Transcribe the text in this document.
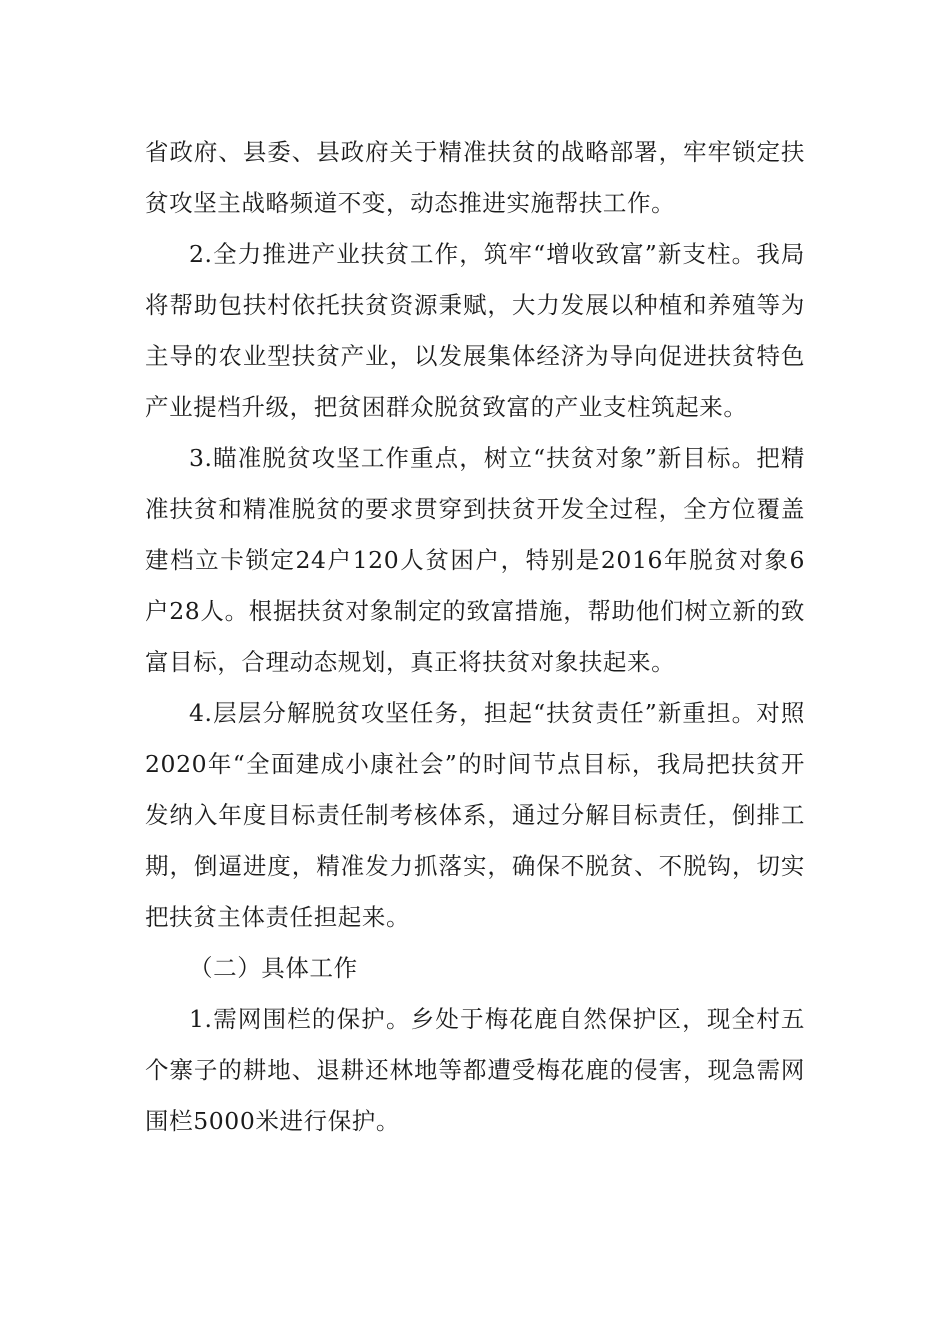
省政府、县委、县政府关于精准扶贫的战略部署，牢牢锁定扶贫攻坚主战略频道不变，动态推进实施帮扶工作。

2.全力推进产业扶贫工作，筑牢“增收致富”新支柱。我局将帮助包扶村依托扶贫资源秉赋，大力发展以种植和养殖等为主导的农业型扶贫产业，以发展集体经济为导向促进扶贫特色产业提档升级，把贫困群众脱贫致富的产业支柱筑起来。

3.瞄准脱贫攻坚工作重点，树立“扶贫对象”新目标。把精准扶贫和精准脱贫的要求贯穿到扶贫开发全过程，全方位覆盖建档立卡锁定24户120人贫困户，特别是2016年脱贫对象6户28人。根据扶贫对象制定的致富措施，帮助他们树立新的致富目标，合理动态规划，真正将扶贫对象扶起来。

4.层层分解脱贫攻坚任务，担起“扶贫责任”新重担。对照2020年“全面建成小康社会”的时间节点目标，我局把扶贫开发纳入年度目标责任制考核体系，通过分解目标责任，倒排工期，倒逼进度，精准发力抓落实，确保不脱贫、不脱钩，切实把扶贫主体责任担起来。

（二）具体工作

1.需网围栏的保护。乡处于梅花鹿自然保护区，现全村五个寨子的耕地、退耕还林地等都遭受梅花鹿的侵害，现急需网围栏5000米进行保护。
